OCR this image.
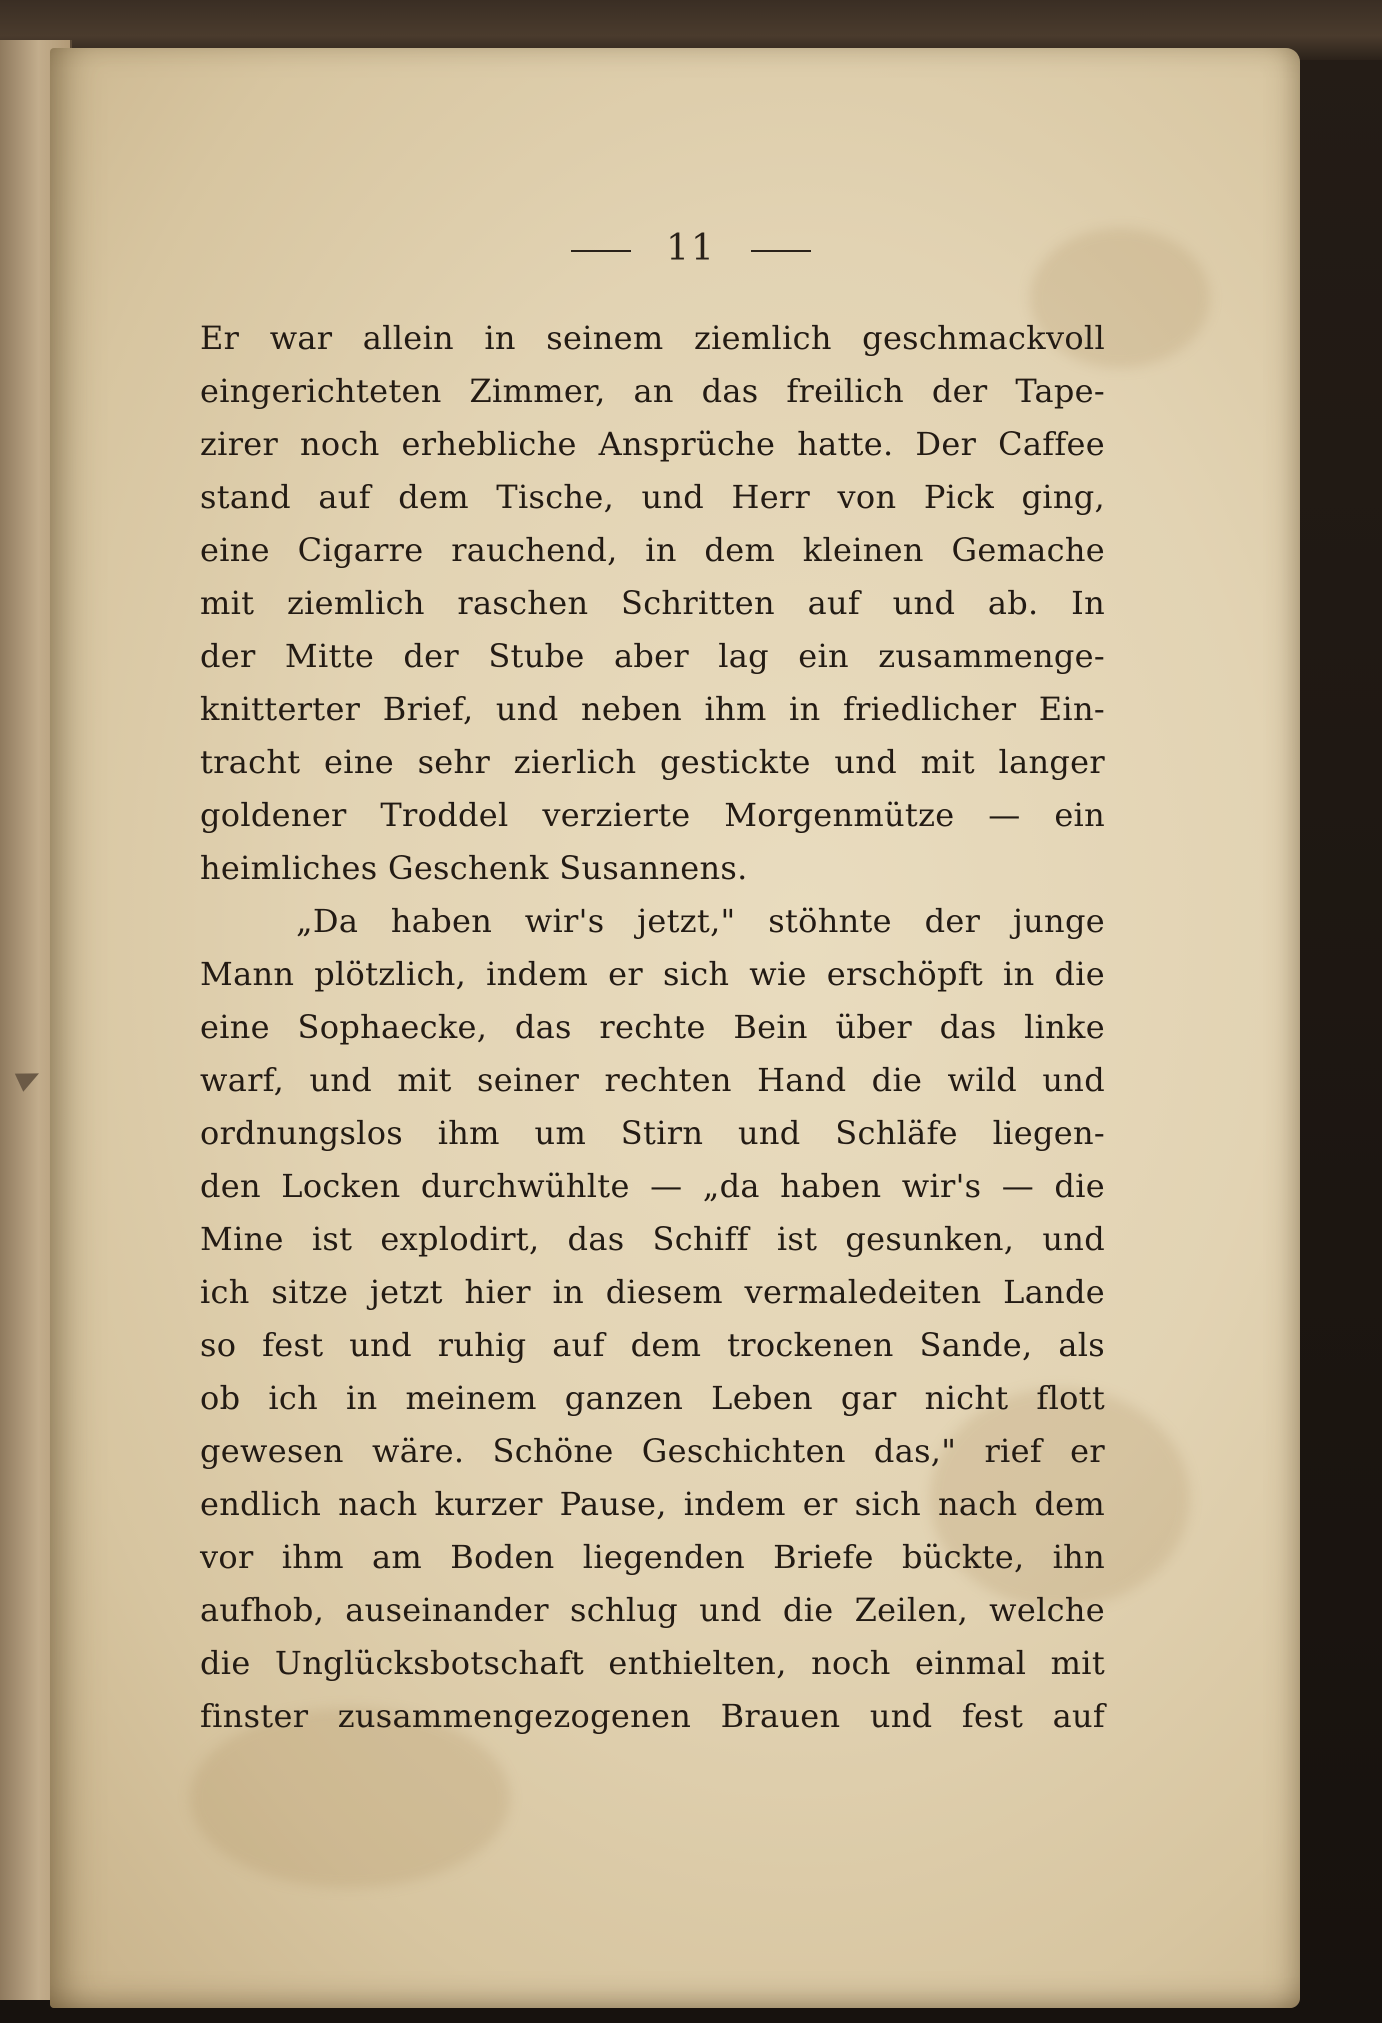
11
Er war allein in seinem ziemlich geschmackvoll
eingerichteten Zimmer, an das freilich der Tape-
zirer noch erhebliche Ansprüche hatte. Der Caffee
stand auf dem Tische, und Herr von Pick ging,
eine Cigarre rauchend, in dem kleinen Gemache
mit ziemlich raschen Schritten auf und ab. In
der Mitte der Stube aber lag ein zusammenge-
knitterter Brief, und neben ihm in friedlicher Ein-
tracht eine sehr zierlich gestickte und mit langer
goldener Troddel verzierte Morgenmütze — ein
heimliches Geschenk Susannens.
„Da haben wir's jetzt," stöhnte der junge
Mann plötzlich, indem er sich wie erschöpft in die
eine Sophaecke, das rechte Bein über das linke
warf, und mit seiner rechten Hand die wild und
ordnungslos ihm um Stirn und Schläfe liegen-
den Locken durchwühlte — „da haben wir's — die
Mine ist explodirt, das Schiff ist gesunken, und
ich sitze jetzt hier in diesem vermaledeiten Lande
so fest und ruhig auf dem trockenen Sande, als
ob ich in meinem ganzen Leben gar nicht flott
gewesen wäre. Schöne Geschichten das," rief er
endlich nach kurzer Pause, indem er sich nach dem
vor ihm am Boden liegenden Briefe bückte, ihn
aufhob, auseinander schlug und die Zeilen, welche
die Unglücksbotschaft enthielten, noch einmal mit
finster zusammengezogenen Brauen und fest auf
